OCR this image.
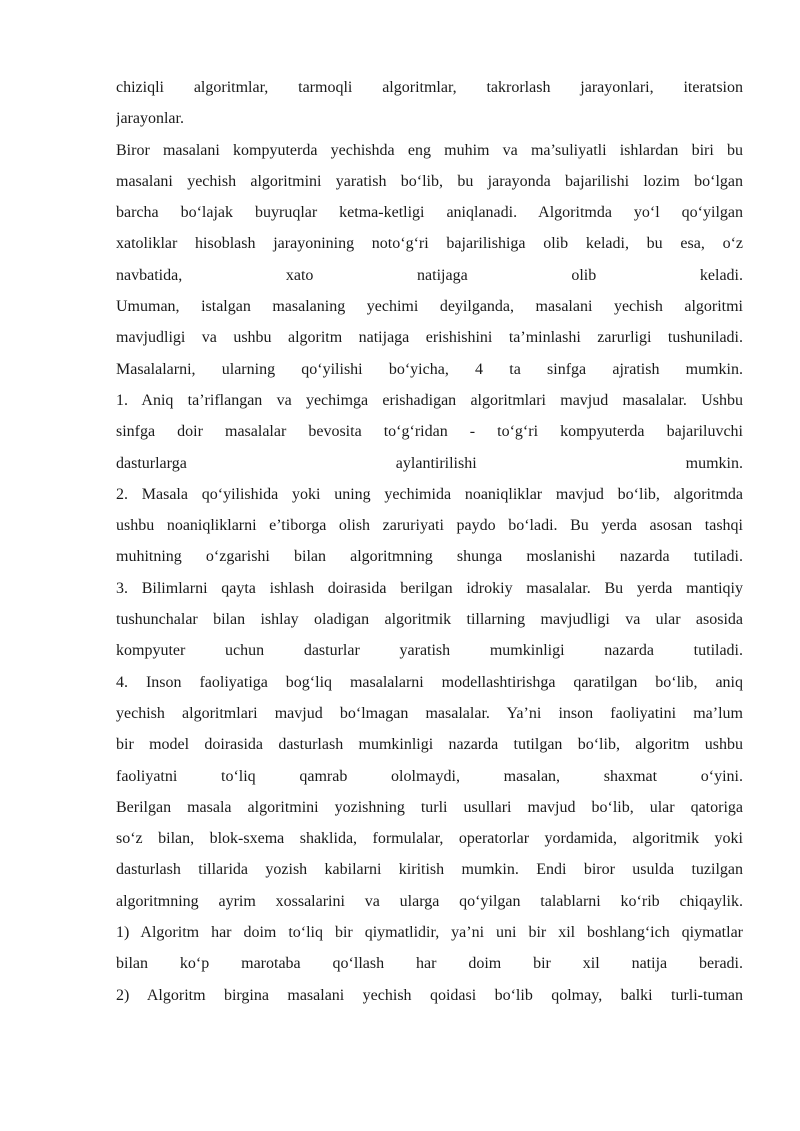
chiziqli algoritmlar, tarmoqli algoritmlar, takrorlash jarayonlari, iteratsion
jarayonlar.
Biror masalani kompyuterda yechishda eng muhim va ma’suliyatli ishlardan biri bu
masalani yechish algoritmini yaratish bo‘lib, bu jarayonda bajarilishi lozim bo‘lgan
barcha bo‘lajak buyruqlar ketma-ketligi aniqlanadi. Algoritmda yo‘l qo‘yilgan
xatoliklar hisoblash jarayonining noto‘g‘ri bajarilishiga olib keladi, bu esa, o‘z
navbatida, xato natijaga olib keladi.
Umuman, istalgan masalaning yechimi deyilganda, masalani yechish algoritmi
mavjudligi va ushbu algoritm natijaga erishishini ta’minlashi zarurligi tushuniladi.
Masalalarni, ularning qo‘yilishi bo‘yicha, 4 ta sinfga ajratish mumkin.
1. Aniq ta’riflangan va yechimga erishadigan algoritmlari mavjud masalalar. Ushbu
sinfga doir masalalar bevosita to‘g‘ridan - to‘g‘ri kompyuterda bajariluvchi
dasturlarga aylantirilishi mumkin.
2. Masala qo‘yilishida yoki uning yechimida noaniqliklar mavjud bo‘lib, algoritmda
ushbu noaniqliklarni e’tiborga olish zaruriyati paydo bo‘ladi. Bu yerda asosan tashqi
muhitning o‘zgarishi bilan algoritmning shunga moslanishi nazarda tutiladi.
3. Bilimlarni qayta ishlash doirasida berilgan idrokiy masalalar. Bu yerda mantiqiy
tushunchalar bilan ishlay oladigan algoritmik tillarning mavjudligi va ular asosida
kompyuter uchun dasturlar yaratish mumkinligi nazarda tutiladi.
4. Inson faoliyatiga bog‘liq masalalarni modellashtirishga qaratilgan bo‘lib, aniq
yechish algoritmlari mavjud bo‘lmagan masalalar. Ya’ni inson faoliyatini ma’lum
bir model doirasida dasturlash mumkinligi nazarda tutilgan bo‘lib, algoritm ushbu
faoliyatni to‘liq qamrab ololmaydi, masalan, shaxmat o‘yini.
Berilgan masala algoritmini yozishning turli usullari mavjud bo‘lib, ular qatoriga
so‘z bilan, blok-sxema shaklida, formulalar, operatorlar yordamida, algoritmik yoki
dasturlash tillarida yozish kabilarni kiritish mumkin. Endi biror usulda tuzilgan
algoritmning ayrim xossalarini va ularga qo‘yilgan talablarni ko‘rib chiqaylik.
1) Algoritm har doim to‘liq bir qiymatlidir, ya’ni uni bir xil boshlang‘ich qiymatlar
bilan ko‘p marotaba qo‘llash har doim bir xil natija beradi.
2) Algoritm birgina masalani yechish qoidasi bo‘lib qolmay, balki turli-tuman
